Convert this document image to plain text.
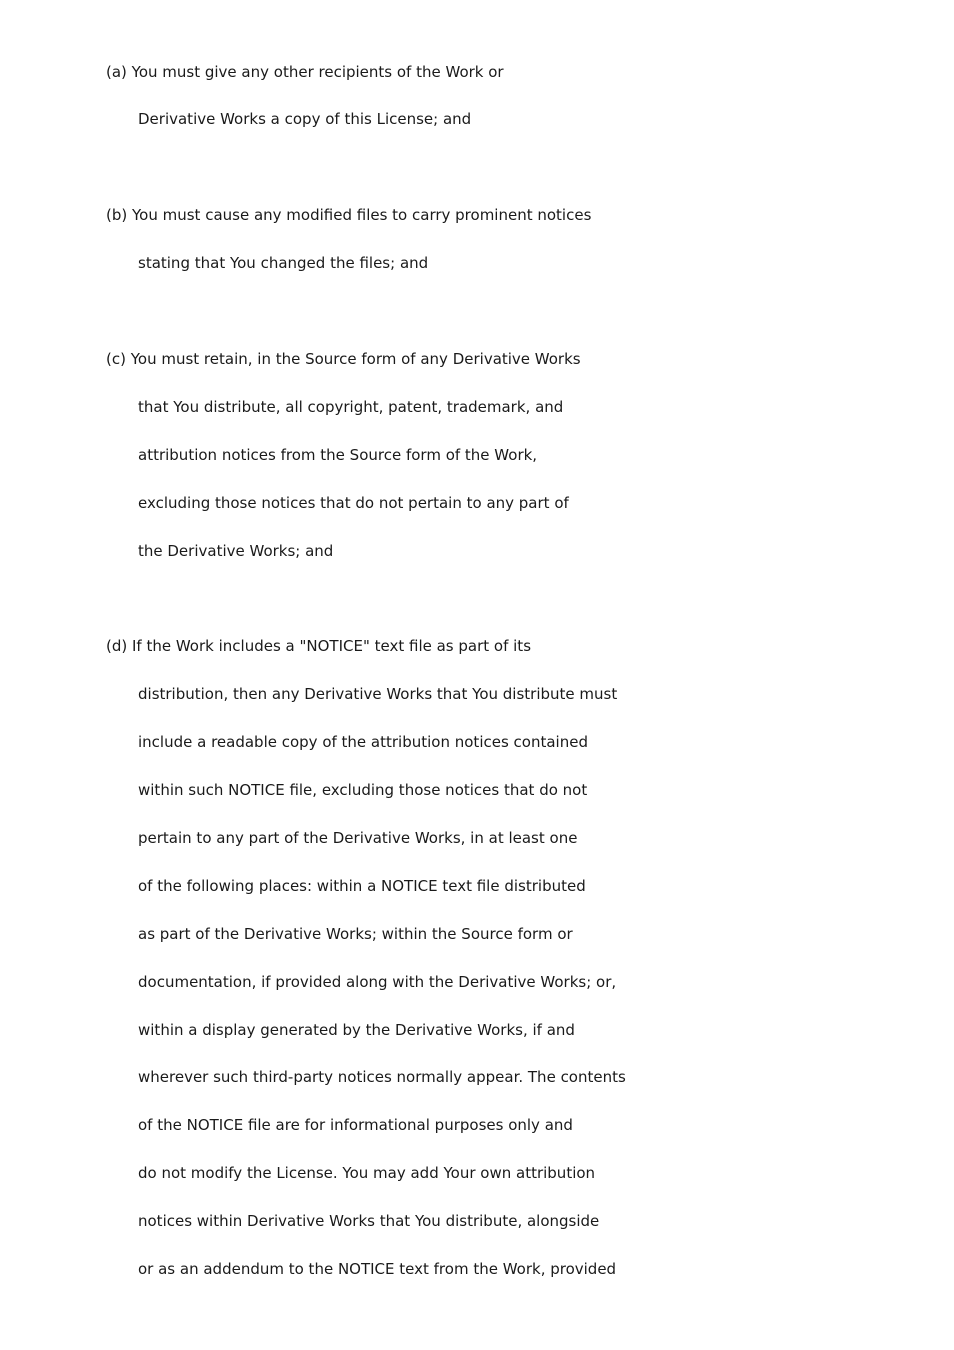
(a) You must give any other recipients of the Work or
Derivative Works a copy of this License; and
(b) You must cause any modified files to carry prominent notices
stating that You changed the files; and
(c) You must retain, in the Source form of any Derivative Works
that You distribute, all copyright, patent, trademark, and
attribution notices from the Source form of the Work,
excluding those notices that do not pertain to any part of
the Derivative Works; and
(d) If the Work includes a "NOTICE" text file as part of its
distribution, then any Derivative Works that You distribute must
include a readable copy of the attribution notices contained
within such NOTICE file, excluding those notices that do not
pertain to any part of the Derivative Works, in at least one
of the following places: within a NOTICE text file distributed
as part of the Derivative Works; within the Source form or
documentation, if provided along with the Derivative Works; or,
within a display generated by the Derivative Works, if and
wherever such third-party notices normally appear. The contents
of the NOTICE file are for informational purposes only and
do not modify the License. You may add Your own attribution
notices within Derivative Works that You distribute, alongside
or as an addendum to the NOTICE text from the Work, provided
